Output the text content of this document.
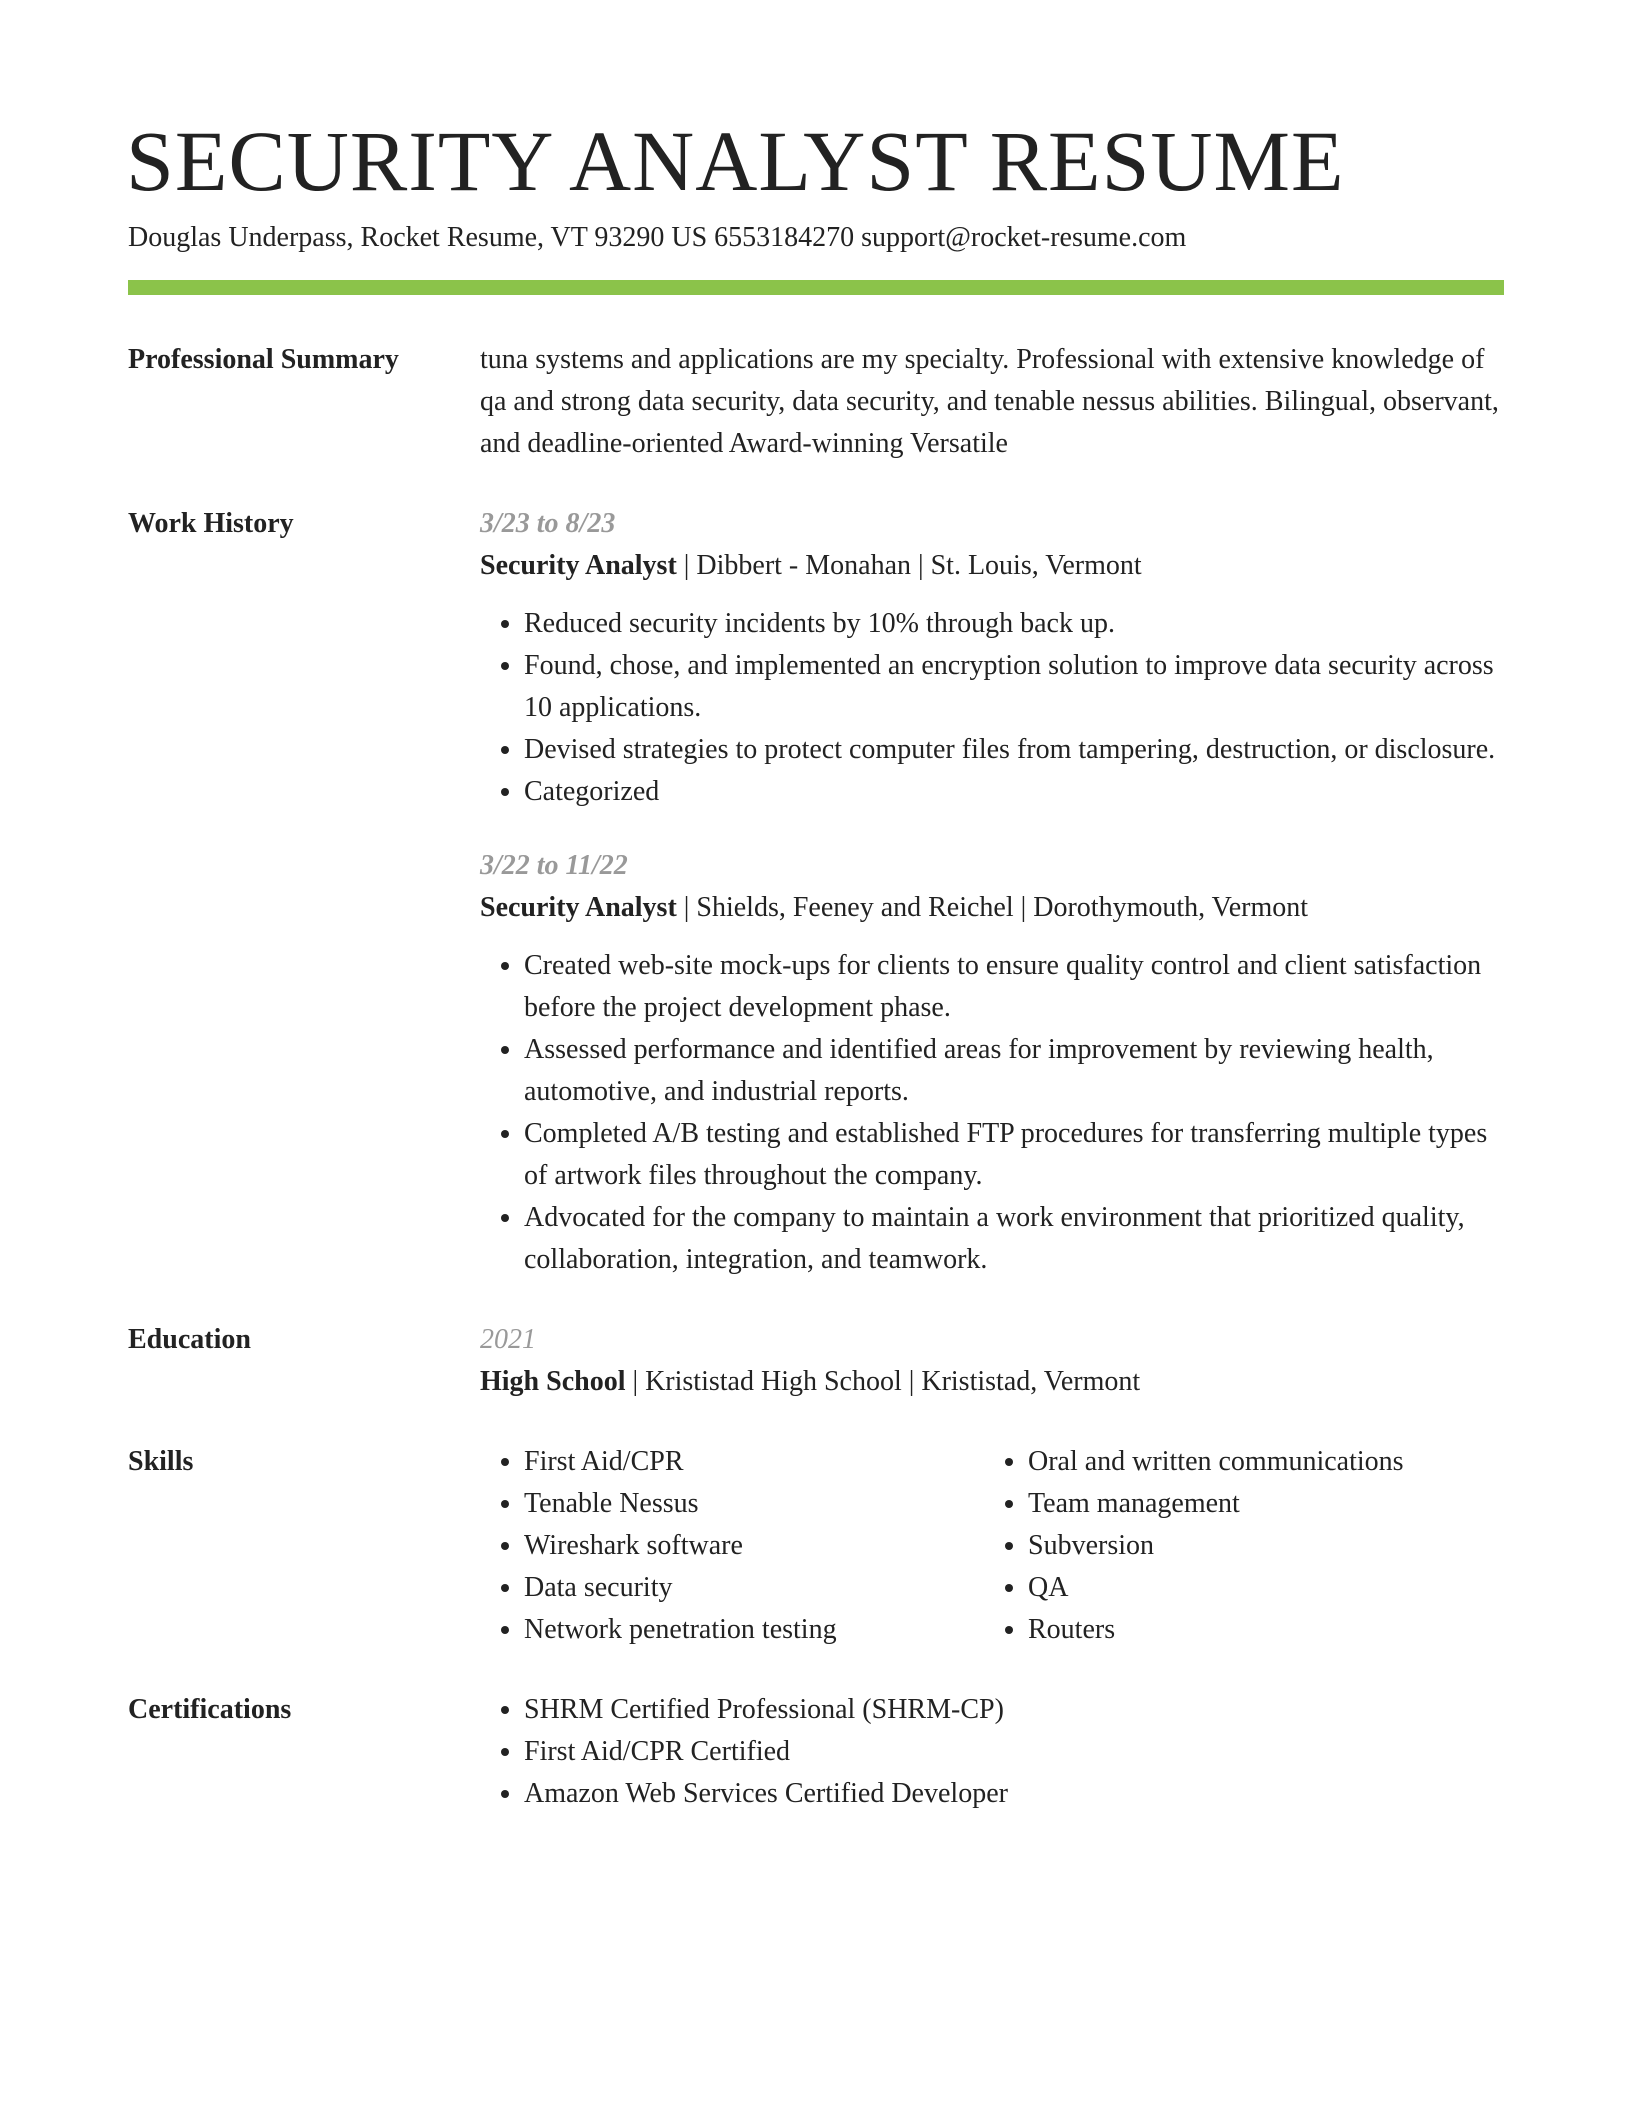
SECURITY ANALYST RESUME

Douglas Underpass, Rocket Resume, VT 93290 US 6553184270 support@rocket-resume.com

Professional Summary	tuna systems and applications are my specialty. Professional with extensive knowledge of qa and strong data security, data security, and tenable nessus abilities. Bilingual, observant, and deadline-oriented Award-winning Versatile

Work History	3/23 to 8/23
Security Analyst | Dibbert - Monahan | St. Louis, Vermont
• Reduced security incidents by 10% through back up.
• Found, chose, and implemented an encryption solution to improve data security across 10 applications.
• Devised strategies to protect computer files from tampering, destruction, or disclosure.
• Categorized
3/22 to 11/22
Security Analyst | Shields, Feeney and Reichel | Dorothymouth, Vermont
• Created web-site mock-ups for clients to ensure quality control and client satisfaction before the project development phase.
• Assessed performance and identified areas for improvement by reviewing health, automotive, and industrial reports.
• Completed A/B testing and established FTP procedures for transferring multiple types of artwork files throughout the company.
• Advocated for the company to maintain a work environment that prioritized quality, collaboration, integration, and teamwork.
Education	2021
High School | Krististad High School | Krististad, Vermont
Skills	• First Aid/CPR
• Tenable Nessus
• Wireshark software
• Data security
• Network penetration testing
• Oral and written communications
• Team management
• Subversion
• QA
• Routers
Certifications	• SHRM Certified Professional (SHRM-CP)
• First Aid/CPR Certified
• Amazon Web Services Certified Developer
